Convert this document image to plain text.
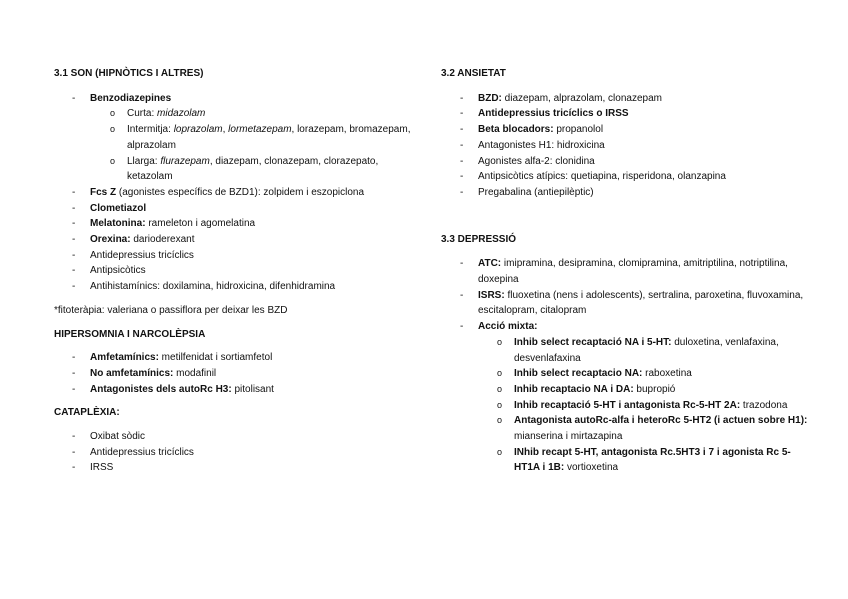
3.1 SON (HIPNÒTICS I ALTRES)
- Benzodiazepines
o Curta: midazolam
o Intermitja: loprazolam, lormetazepam, lorazepam, bromazepam, alprazolam
o Llarga: flurazepam, diazepam, clonazepam, clorazepato, ketazolam
- Fcs Z (agonistes específics de BZD1): zolpidem i eszopiclona
- Clometiazol
- Melatonina: rameleton i agomelatina
- Orexina: darioderexant
- Antidepressius tricíclics
- Antipsicòtics
- Antihistamínics: doxilamina, hidroxicina, difenhidramina
*fitoteràpia: valeriana o passiflora per deixar les BZD
HIPERSOMNIA I NARCOLÈPSIA
- Amfetamínics: metilfenidat i sortiamfetol
- No amfetamínics: modafinil
- Antagonistes dels autoRc H3: pitolisant
CATAPLÈXIA:
- Oxibat sòdic
- Antidepressius tricíclics
- IRSS
3.2 ANSIETAT
- BZD: diazepam, alprazolam, clonazepam
- Antidepressius tricíclics o IRSS
- Beta blocadors: propanolol
- Antagonistes H1: hidroxicina
- Agonistes alfa-2: clonidina
- Antipsicòtics atípics: quetiapina, risperidona, olanzapina
- Pregabalina (antiepilèptic)
3.3 DEPRESSIÓ
- ATC: imipramina, desipramina, clomipramina, amitriptilina, notriptilina, doxepina
- ISRS: fluoxetina (nens i adolescents), sertralina, paroxetina, fluvoxamina, escitalopram, citalopram
- Acció mixta:
o Inhib select recaptació NA i 5-HT: duloxetina, venlafaxina, desvenlafaxina
o Inhib select recaptacio NA: raboxetina
o Inhib recaptacio NA i DA: bupropió
o Inhib recaptació 5-HT i antagonista Rc-5-HT 2A: trazodona
o Antagonista autoRc-alfa i heteroRc 5-HT2 (i actuen sobre H1): mianserina i mirtazapina
o INhib recapt 5-HT, antagonista Rc.5HT3 i 7 i agonista Rc 5-HT1A i 1B: vortioxetina
